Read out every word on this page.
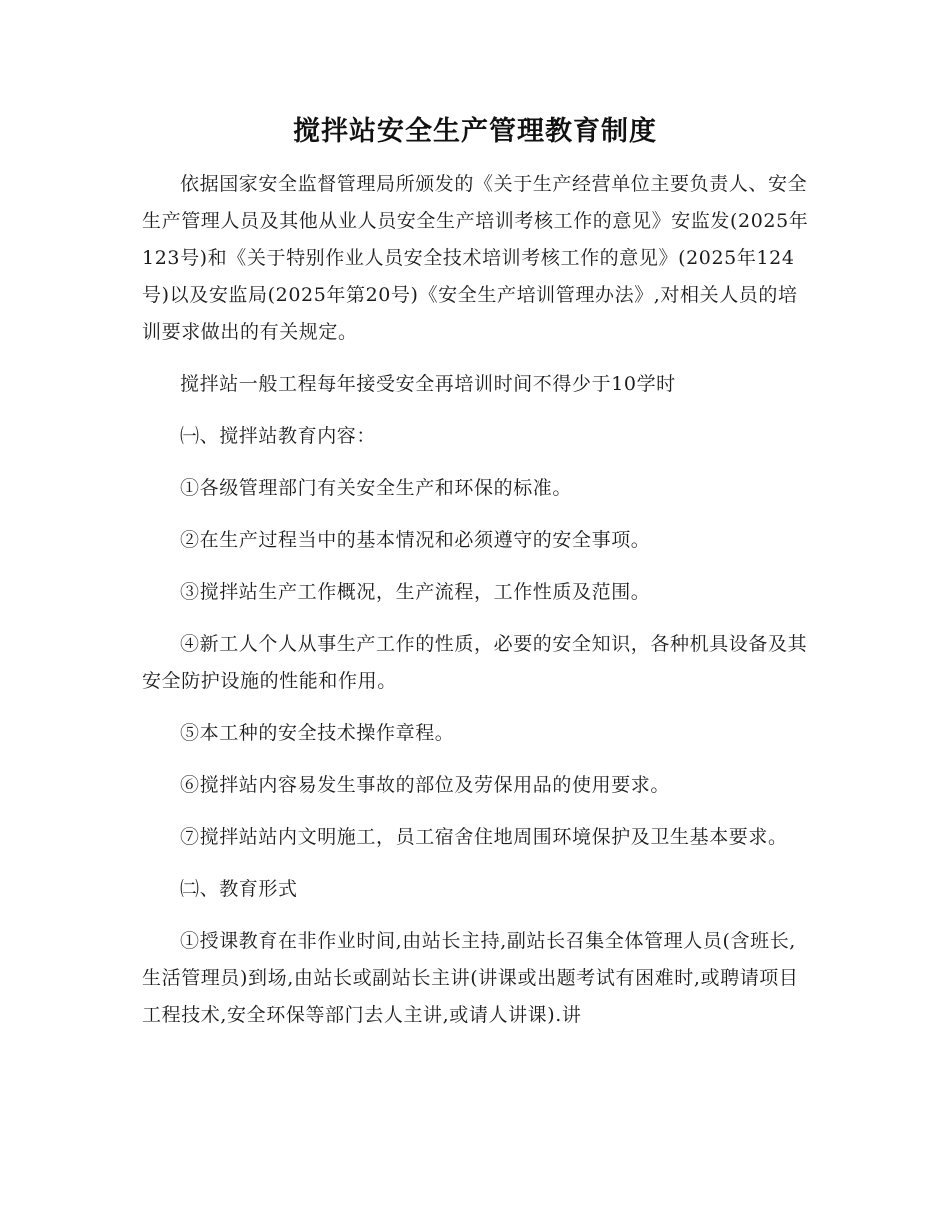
搅拌站安全生产管理教育制度

依据国家安全监督管理局所颁发的《关于生产经营单位主要负责人、安全生产管理人员及其他从业人员安全生产培训考核工作的意见》安监发(2025年123号)和《关于特别作业人员安全技术培训考核工作的意见》(2025年124号)以及安监局(2025年第20号)《安全生产培训管理办法》,对相关人员的培训要求做出的有关规定。

搅拌站一般工程每年接受安全再培训时间不得少于10学时

㈠、搅拌站教育内容：

①各级管理部门有关安全生产和环保的标准。

②在生产过程当中的基本情况和必须遵守的安全事项。

③搅拌站生产工作概况，生产流程，工作性质及范围。

④新工人个人从事生产工作的性质，必要的安全知识，各种机具设备及其安全防护设施的性能和作用。

⑤本工种的安全技术操作章程。

⑥搅拌站内容易发生事故的部位及劳保用品的使用要求。

⑦搅拌站站内文明施工，员工宿舍住地周围环境保护及卫生基本要求。

㈡、教育形式

①授课教育在非作业时间,由站长主持,副站长召集全体管理人员(含班长,生活管理员)到场,由站长或副站长主讲(讲课或出题考试有困难时,或聘请项目工程技术,安全环保等部门去人主讲,或请人讲课).讲
